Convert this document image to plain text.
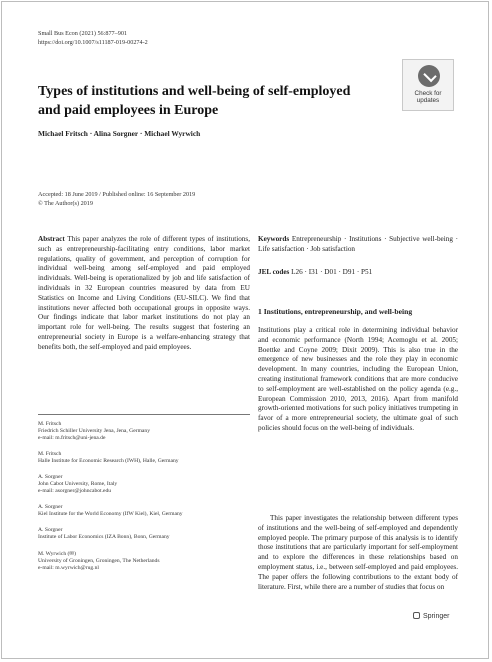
Small Bus Econ (2021) 56:877–901
https://doi.org/10.1007/s11187-019-00274-2
Check for
updates
Types of institutions and well-being of self-employed and paid employees in Europe
Michael Fritsch · Alina Sorgner · Michael Wyrwich
Accepted: 18 June 2019 / Published online: 16 September 2019
© The Author(s) 2019
Abstract This paper analyzes the role of different types of institutions, such as entrepreneurship-facilitating entry conditions, labor market regulations, quality of government, and perception of corruption for individual well-being among self-employed and paid employed individuals. Well-being is operationalized by job and life satisfaction of individuals in 32 European countries measured by data from EU Statistics on Income and Living Conditions (EU-SILC). We find that institutions never affected both occupational groups in opposite ways. Our findings indicate that labor market institutions do not play an important role for well-being. The results suggest that fostering an entrepreneurial society in Europe is a welfare-enhancing strategy that benefits both, the self-employed and paid employees.
M. Fritsch
Friedrich Schiller University Jena, Jena, Germany
e-mail: m.fritsch@uni-jena.de
M. Fritsch
Halle Institute for Economic Research (IWH), Halle, Germany
A. Sorgner
John Cabot University, Rome, Italy
e-mail: asorgner@johncabot.edu
A. Sorgner
Kiel Institute for the World Economy (IfW Kiel), Kiel, Germany
A. Sorgner
Institute of Labor Economics (IZA Bonn), Bonn, Germany
M. Wyrwich (✉)
University of Groningen, Groningen, The Netherlands
e-mail: m.wyrwich@rug.nl
Keywords Entrepreneurship · Institutions · Subjective well-being · Life satisfaction · Job satisfaction
JEL codes L26 · I31 · D01 · D91 · P51
1 Institutions, entrepreneurship, and well-being
Institutions play a critical role in determining individual behavior and economic performance (North 1994; Acemoglu et al. 2005; Boettke and Coyne 2009; Dixit 2009). This is also true in the emergence of new businesses and the role they play in economic development. In many countries, including the European Union, creating institutional framework conditions that are more conducive to self-employment are well-established on the policy agenda (e.g., European Commission 2010, 2013, 2016). Apart from manifold growth-oriented motivations for such policy initiatives trumpeting in favor of a more entrepreneurial society, the ultimate goal of such policies should focus on the well-being of individuals.
This paper investigates the relationship between different types of institutions and the well-being of self-employed and dependently employed people. The primary purpose of this analysis is to identify those institutions that are particularly important for self-employment and to explore the differences in these relationships based on employment status, i.e., between self-employed and paid employees. The paper offers the following contributions to the extant body of literature. First, while there are a number of studies that focus on
Springer
